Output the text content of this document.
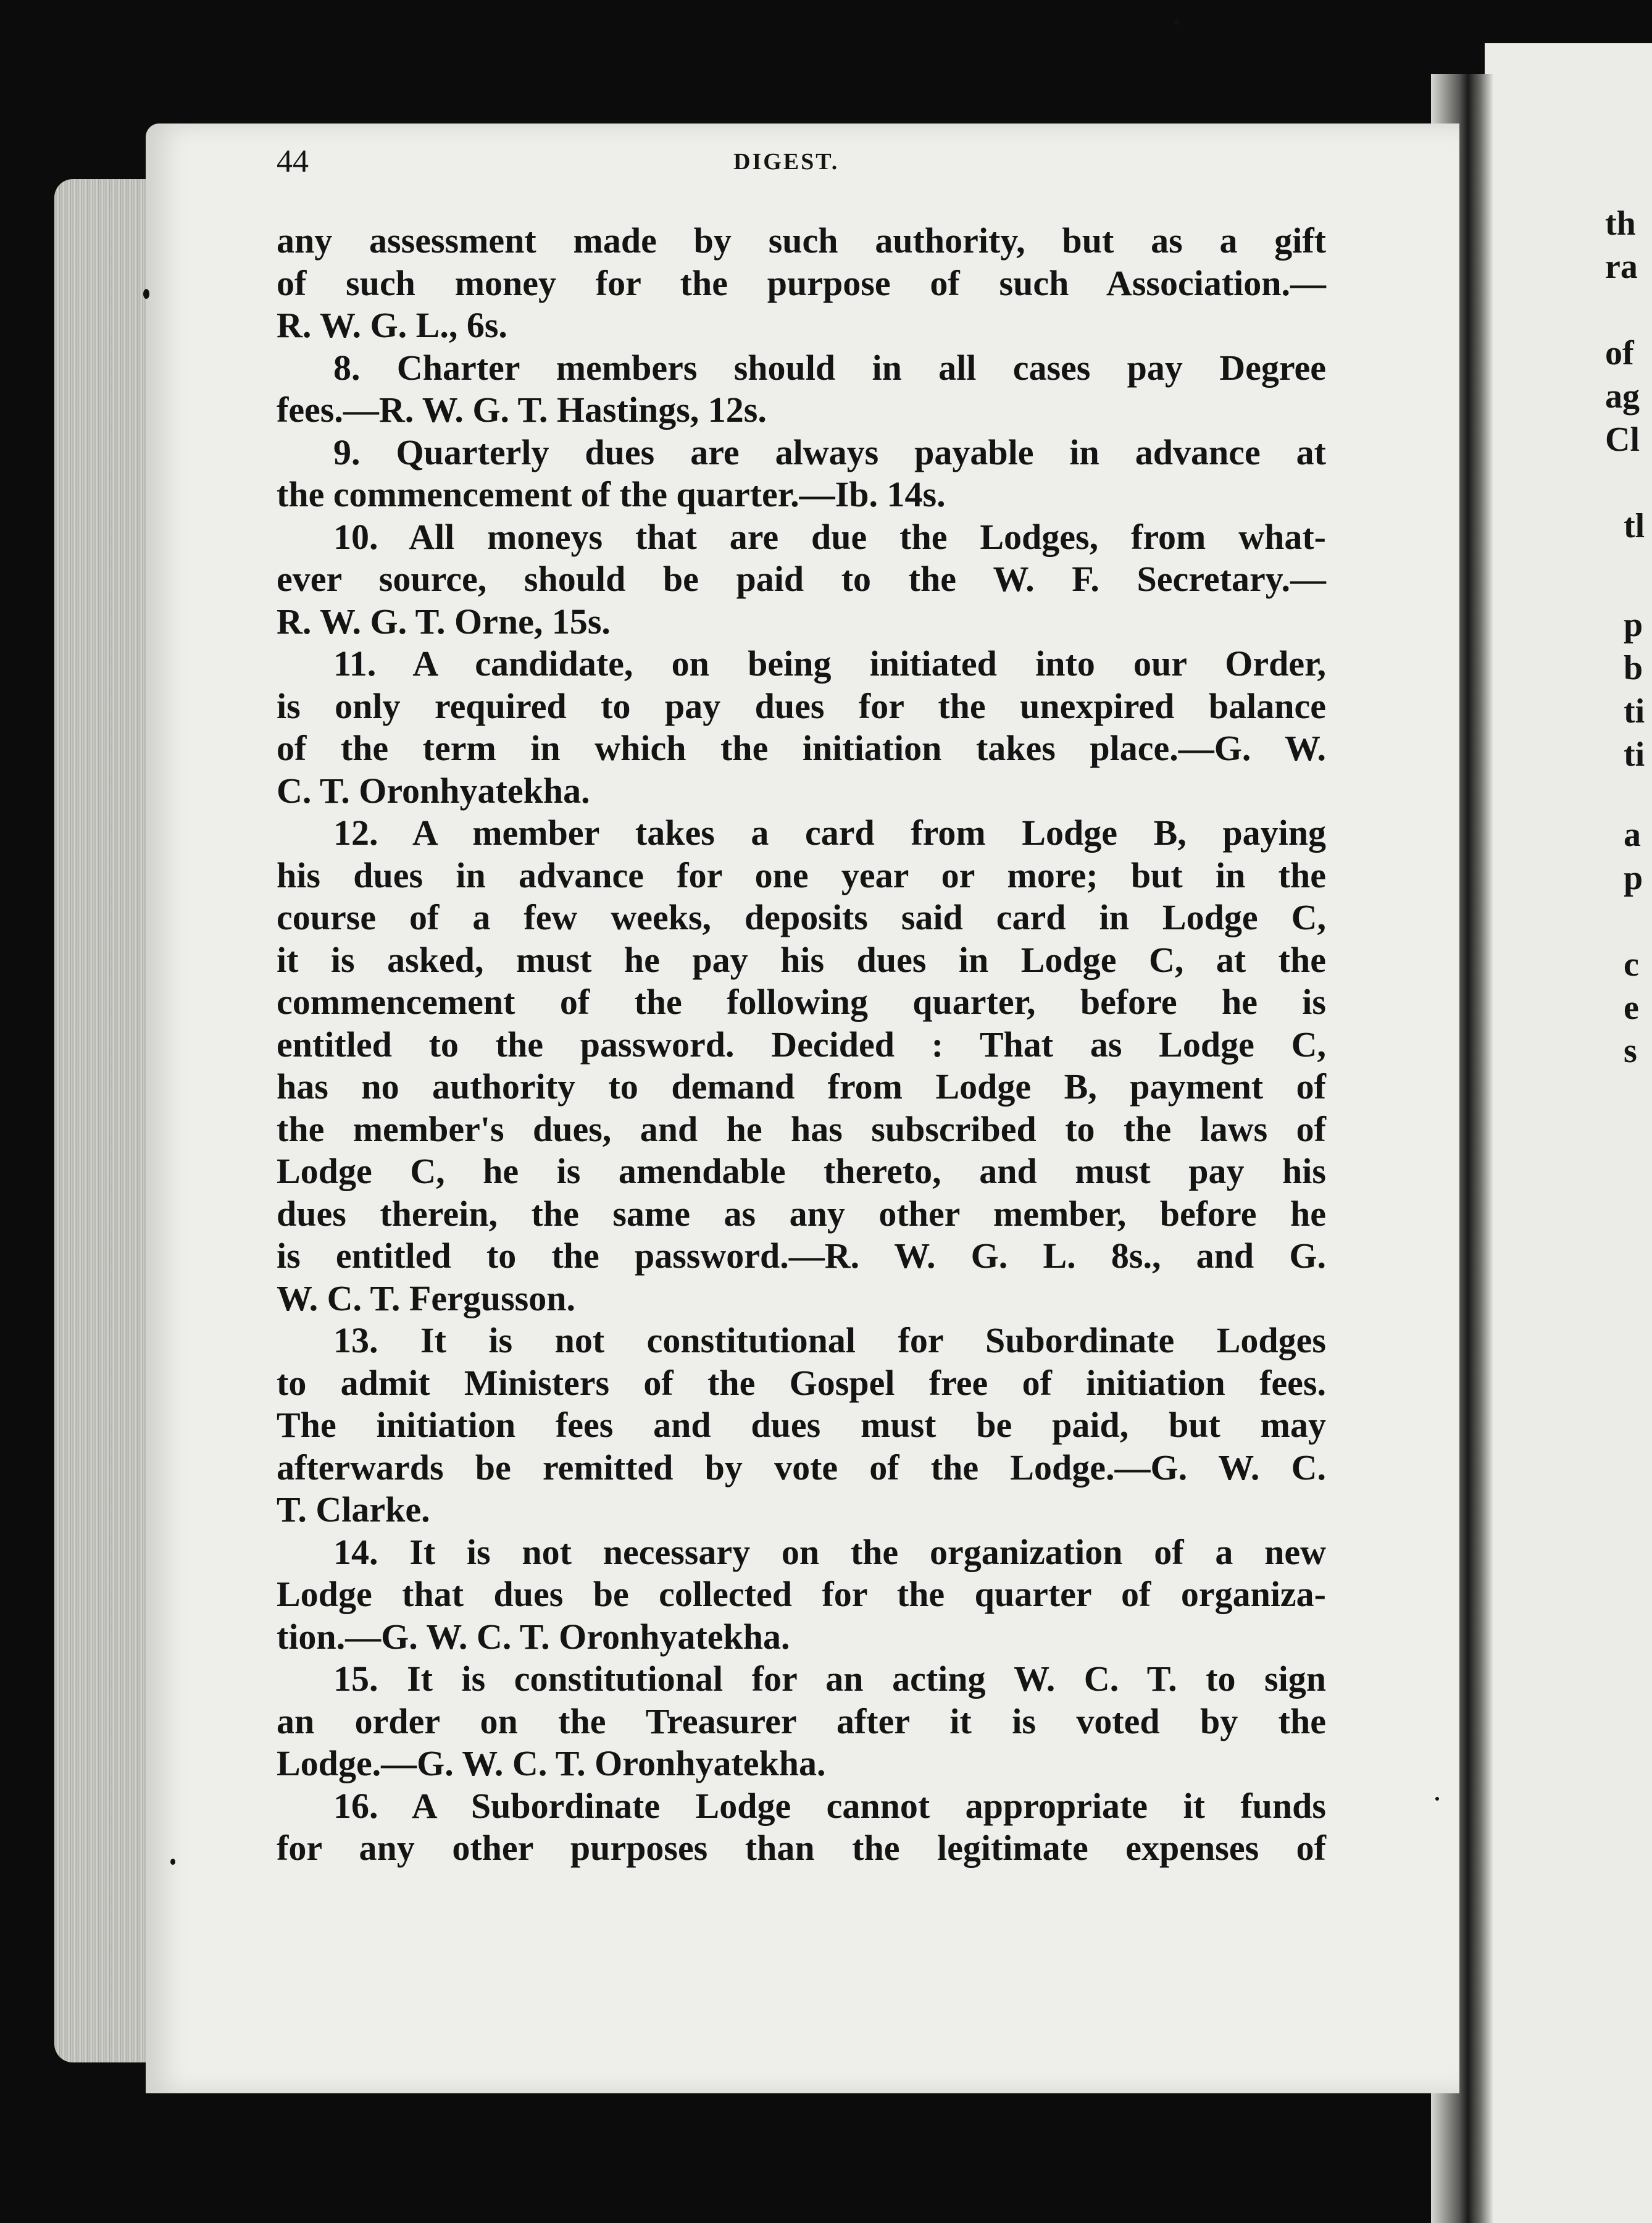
44	DIGEST.
any assessment made by such authority, but as a gift
of such money for the purpose of such Association.—
R. W. G. L., 6s.
8. Charter members should in all cases pay Degree
fees.—R. W. G. T. Hastings, 12s.
9. Quarterly dues are always payable in advance at
the commencement of the quarter.—Ib. 14s.
10. All moneys that are due the Lodges, from what-
ever source, should be paid to the W. F. Secretary.—
R. W. G. T. Orne, 15s.
11. A candidate, on being initiated into our Order,
is only required to pay dues for the unexpired balance
of the term in which the initiation takes place.—G. W.
C. T. Oronhyatekha.
12. A member takes a card from Lodge B, paying
his dues in advance for one year or more; but in the
course of a few weeks, deposits said card in Lodge C,
it is asked, must he pay his dues in Lodge C, at the
commencement of the following quarter, before he is
entitled to the password. Decided : That as Lodge C,
has no authority to demand from Lodge B, payment of
the member's dues, and he has subscribed to the laws of
Lodge C, he is amendable thereto, and must pay his
dues therein, the same as any other member, before he
is entitled to the password.—R. W. G. L. 8s., and G.
W. C. T. Fergusson.
13. It is not constitutional for Subordinate Lodges
to admit Ministers of the Gospel free of initiation fees.
The initiation fees and dues must be paid, but may
afterwards be remitted by vote of the Lodge.—G. W. C.
T. Clarke.
14. It is not necessary on the organization of a new
Lodge that dues be collected for the quarter of organiza-
tion.—G. W. C. T. Oronhyatekha.
15. It is constitutional for an acting W. C. T. to sign
an order on the Treasurer after it is voted by the
Lodge.—G. W. C. T. Oronhyatekha.
16. A Subordinate Lodge cannot appropriate it funds
for any other purposes than the legitimate expenses of
th
ra
of
ag
Cl
tl
p
b
ti
ti
a
p
c
e
s
